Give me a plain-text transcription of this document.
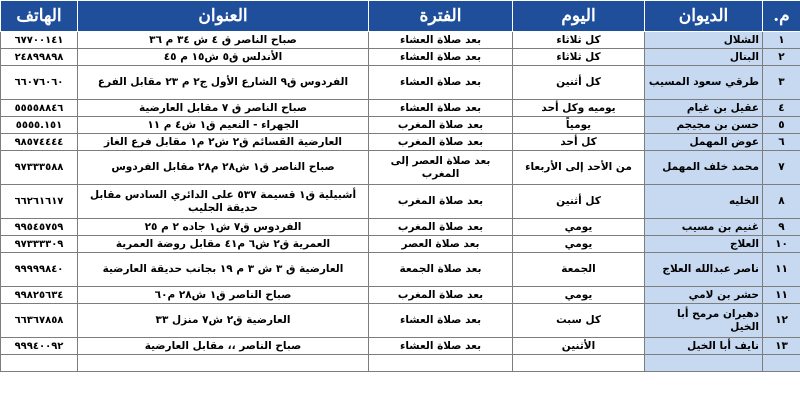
م.	الديوان	اليوم	الفترة	العنوان	الهاتف
١	الشلال	كل ثلاثاء	بعد صلاة العشاء	صباح الناصر ق ٤ ش ٣٤ م ٣٦	٦٧٧٠٠١٤١
٢	البنال	كل ثلاثاء	بعد صلاة العشاء	الأندلس ق٥ ش١٥ م ٤٥	٢٤٨٩٩٨٩٨
٣	طرقي سعود المسيب	كل أثنين	بعد صلاة العشاء	الفردوس ق٩ الشارع الأول ج٢ م ٢٣ مقابل الفرع	٦٦٠٧٦٠٦٠
٤	عقيل بن غيام	يوميه وكل أحد	بعد صلاة العشاء	صباح الناصر ق ٧ مقابل العارضية	٥٥٥٥٨٨٤٦
٥	حسن بن مجيجم	يومياً	بعد صلاة المغرب	الجهراء - النعيم ق١ ش٤ م ١١	٥٥٥٥.١٥١
٦	عوض المهمل	كل أحد	بعد صلاة المغرب	العارضية القسائم ق٢ ش٢ م١ مقابل فرع الغاز	٩٨٥٧٤٤٤٤
٧	محمد خلف المهمل	من الأحد إلى الأربعاء	بعد صلاة العصر إلى المغرب	صباح الناصر ق١ ش٢٨ م٢٨ مقابل الفردوس	٩٧٣٣٣٥٨٨
٨	الخليه	كل أثنين	بعد صلاة المغرب	أشبيلية ق١ قسيمة ٥٣٧ على الدائري السادس مقابل حديقة الجليب	٦٦٢٦١٦١٧
٩	غنيم بن مسيب	يومي	بعد صلاة المغرب	الفردوس ق٧ ش١ جاده ٢ م ٢٥	٩٩٥٤٥٧٥٩
١٠	العلاج	يومي	بعد صلاة العصر	العمرية ق٢ ش٦ م٤١ مقابل روضة العمرية	٩٧٣٣٣٣٠٩
١١	ناصر عبدالله العلاج	الجمعة	بعد صلاة الجمعة	العارضية ق ٣ ش ٣ م ١٩ بجانب حديقة العارضية	٩٩٩٩٩٨٤٠
١١	حشر بن لامي	يومي	بعد صلاة المغرب	صباح الناصر ق١ ش٢٨ م٦٠	٩٩٨٢٥٦٣٤
١٢	دهيران مرمح أبا الخيل	كل سبت	بعد صلاة العشاء	العارضية ق٢ ش٧ منزل ٣٣	٦٦٣٦٧٨٥٨
١٣	نايف أبا الخيل	الأثنين	بعد صلاة العشاء	صباح الناصر ،، مقابل العارضية	٩٩٩٤٠٠٩٢
